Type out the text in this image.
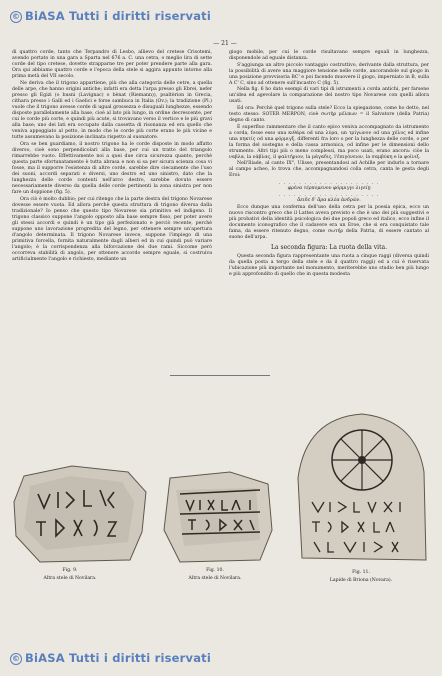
© BiASA Tutti i diritti riservati
— 21 —

di quattro corde, tanto che Terpandro di Lesbo, allievo del cretese Crisotemi, avendo portato in una gara a Sparta nel 676 a. C. una cetra, o meglio lira di sette corde del tipo cretese, dovette strapparne tre per poter prendere parte alla gara. Ora qui abbiamo quattro corde e l'epoca della stele si aggira appunto intorno alla prima metà del VII secolo.

Ne deriva che il trigono appartiene, più che alla categoria delle cetre, a quella delle arpe, che hanno origini antiche; infatti era detta l'arpa presso gli Ebrei, nefer presso gli Egizi (o busni (Lavignac) o bènat (Riemann)), psaltèrion in Grecia, cithara presso i Galli ed i Gaelici e forse sambuca in Italia (Ov.); la tradizione (Pl.) vuole che il trigono avesse corde di ugual grossezza e disuguali lunghezze, essendo disposte parallelamente alla base, cioè al lato più lungo, in ordine decrescente, per cui le corde più corte, e quindi più acute, si trovavano verso il vertice e le più gravi alla base; uno dei lati era occupato dalla cassetta di risonanza ed era quello che veniva appoggiato al petto, in modo che le corde più corte erano le più vicine e tutte assumevano la posizione inclinata rispetto al suonatore.

Ora se ben guardiamo, il nostro trigono ha le corde disposte in modo affatto diverso, cioè sono perpendicolari alla base, per cui un tratto del triangolo rimarrebbe vuoto. Effettivamente noi a quei due circa sicurezza quanto, perchè questa parte sfortunatamente è tutta abrasa e non si sa per sicura scienza cosa vi fosse, ma il supporre l'esistenza di altre corde, sarebbe dire ciecamente che l'uso dei suoni, accordi separati e diversi, uno destro ed uno sinistro, dato che la lunghezza delle corde contenti nell'arco destro, sarebbe dovuto essere necessariamente diverso da quella delle corde pertinenti la zona sinistra per non fare un doppione (fig. 5).

Ora ciò è molto dubbio; per cui ritengo che la parte destra del trigono Novarese dovesse essere vuota. Ed allora perchè questa struttura di trigono diversa dalla tradizionale? Io penso che questo tipo Novarese sia primitivo ed indigeno. Il trigono classico suppone l'angolo opposto alla base sempre fisso, per poter avere gli stessi accordi e quindi è un tipo già perfezionato e perciò recente, perchè suppone uno lavorazione progredita del legno, per ottenere sempre un'apertura d'angolo determinata. Il trigono Novarese invece, suppone l'impiego di una primitiva forcella, fornita naturalmente dagli alberi ed in cui quindi può variare l'angolo; è la corrispondenza alla biforcazione dei due rami. Siccome però occorreva stabilità di angolo, per ottenere accordo sempre eguale, si costruiva artificialmente l'angolo e richiesto, mediante un

giogo mobile, per cui le corde risultavano sempre eguali in lunghezza, disponendole ad eguale distanza.

S'aggiunga un altro piccolo vantaggio costruttivo, derivante dalla struttura, per la possibilità di avere una maggiore tensione nelle corde, ancorandole sul giogo in una posizione provvisoria BC' e poi facendo muovere il giogo, imperniato in B, sulla A C' C, sino ad ottenere sull'incastro C (fig. 5).

Nella fig. 6 ho dato esempi di vari tipi di istrumenti a corda antichi, per farsene un'idea ed agevolare la comparazione del nostro tipo Novarese con quelli allora usati.

Ed ora: Perchè quel trigono sulla stele? Ecco la spiegazione, come ho detto, nel testo stesso: SOTER MERPON, cioè σωτὴρ μέλπων = il Salvatore (della Patria) degno di canto.

È superfluo rammentare che il canto epico veniva accompagnato da istrumento a corda, fosse esso una κιθάρα od una λύρα, un τρίγωνον od una χέλυς ed infine una πηκτίς od una φόρμιγξ, differenti fra loro o per la lunghezza delle corde, o per la forma del sostegno e della cassa armonica, od infine per le dimensioni dello strumento. Altri tipi più o meno complessi, ma poco usati, erano ancora: ciòe la ναβλα, la νάβλας, il ψαλτήριον, la μάγαδις, l'ἐπιγόνειον, la σαμβύκη e la φοῖνιξ.

Nell'Iliade, al canto IX°, Ulisse, presentandosi ad Achille per indurlo a tornare al campo acheo, lo trova che, accompagnandosi colla cetra, canta le gesta degli Eroi:

. . . . . . . . . . . . . . . . . . . .
φρένα τέρπομενον φόρμιγγι λιγείῃ
. . . . . . . . . . . . . . . . . . . .
ἄειδε δ' ἄρα κλέα ἀνδρῶν.

Ecco dunque una conferma dell'uso della cetra per la poesia epica, ecco un nuovo riscontro greco che il Lattes aveva previsto e che è uno dei più suggestivi e più probativi della identità psicologica dei due popoli greco ed italico, ecco infine il documento iconografico che il cadavere era un Eroe, che si era conquistato tale fama, da essere ritenuto degno, come σωτήρ della Patria, di essere cantato al suono dell'arpa.

La seconda figura: La ruota della vita.

Questa seconda figura rappresentante una ruota a cinque raggi (diversa quindi da quella posta a tergo della stele e da il quattro raggi) ed a cui è riservata l'ubicazione più importante nel monumento, meriterebbe uno studio ben più lungo e più approfondito di quello che in questa modesta

Fig. 9.
Altra stele di Novilara.
Fig. 10.
Altra stele di Novilara.
Fig. 11.
Lapide di Briona (Novara).
© BiASA Tutti i diritti riservati
